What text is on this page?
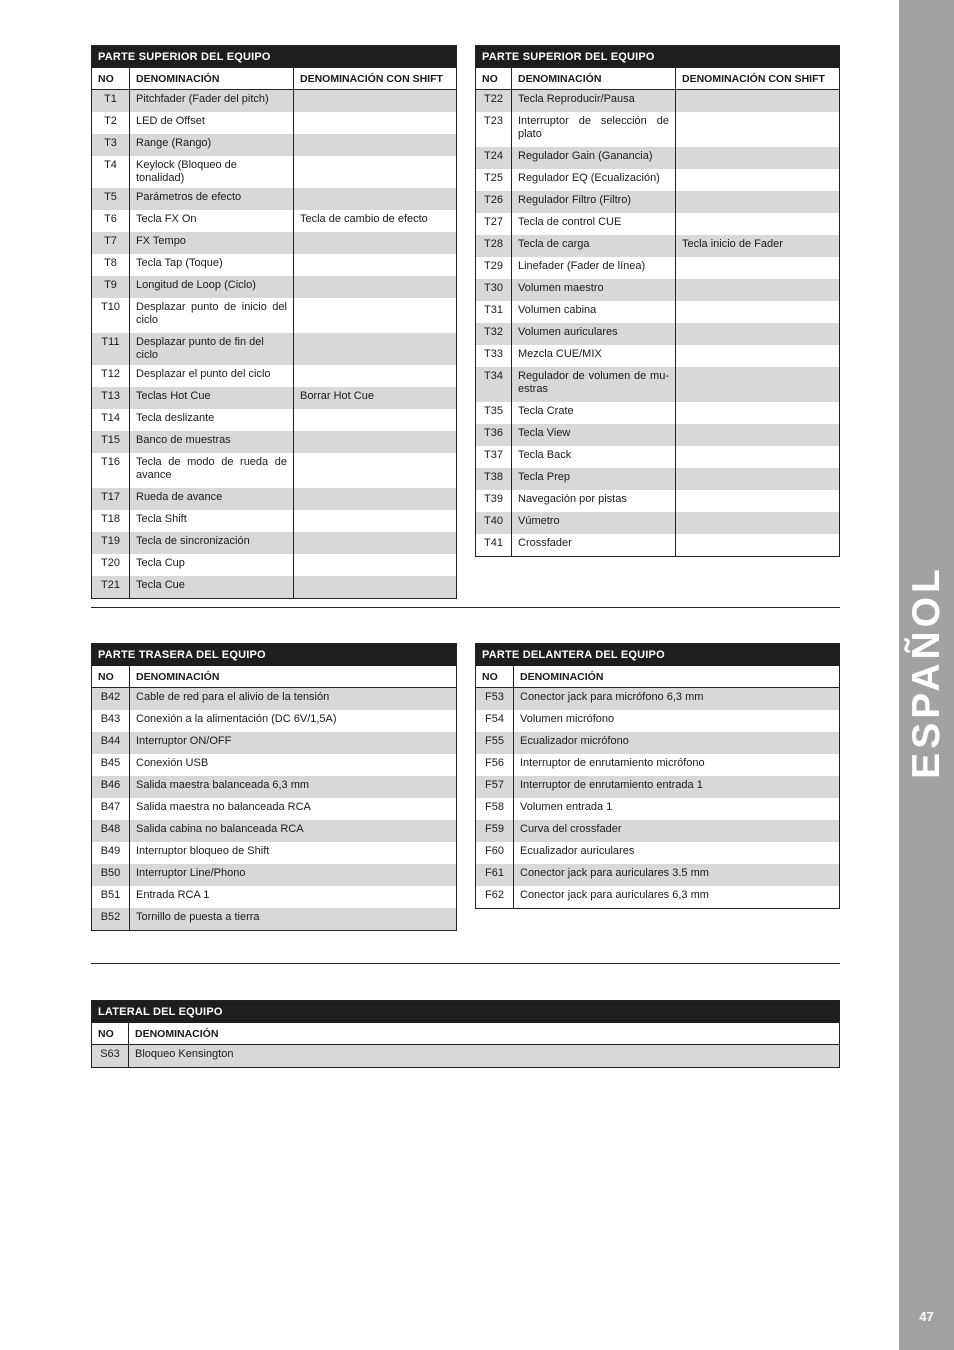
ESPAÑOL
47
PARTE SUPERIOR DEL EQUIPO		
NO	DENOMINACIÓN	DENOMINACIÓN CON SHIFT
T1	Pitchfader (Fader del pitch)	
T2	LED de Offset	
T3	Range (Rango)	
T4	Keylock (Bloqueo de tonalidad)	
T5	Parámetros de efecto	
T6	Tecla FX On	Tecla de cambio de efecto
T7	FX Tempo	
T8	Tecla Tap (Toque)	
T9	Longitud de Loop (Ciclo)	
T10	Desplazar punto de inicio del ciclo	
T11	Desplazar punto de fin del ciclo	
T12	Desplazar el punto del ciclo	
T13	Teclas Hot Cue	Borrar Hot Cue
T14	Tecla deslizante	
T15	Banco de muestras	
T16	Tecla de modo de rueda de avance	
T17	Rueda de avance	
T18	Tecla Shift	
T19	Tecla de sincronización	
T20	Tecla Cup	
T21	Tecla Cue	
PARTE SUPERIOR DEL EQUIPO		
NO	DENOMINACIÓN	DENOMINACIÓN CON SHIFT
T22	Tecla Reproducir/Pausa	
T23	Interruptor de selección de plato	
T24	Regulador Gain (Ganancia)	
T25	Regulador EQ (Ecualización)	
T26	Regulador Filtro (Filtro)	
T27	Tecla de control CUE	
T28	Tecla de carga	Tecla inicio de Fader
T29	Linefader (Fader de línea)	
T30	Volumen maestro	
T31	Volumen cabina	
T32	Volumen auriculares	
T33	Mezcla CUE/MIX	
T34	Regulador de volumen de mu-estras	
T35	Tecla Crate	
T36	Tecla View	
T37	Tecla Back	
T38	Tecla Prep	
T39	Navegación por pistas	
T40	Vúmetro	
T41	Crossfader	
PARTE TRASERA DEL EQUIPO	
NO	DENOMINACIÓN
B42	Cable de red para el alivio de la tensión
B43	Conexión a la alimentación (DC 6V/1,5A)
B44	Interruptor ON/OFF
B45	Conexión USB
B46	Salida maestra balanceada 6,3 mm
B47	Salida maestra no balanceada RCA
B48	Salida cabina no balanceada RCA
B49	Interruptor bloqueo de Shift
B50	Interruptor Line/Phono
B51	Entrada RCA 1
B52	Tornillo de puesta a tierra
PARTE DELANTERA DEL EQUIPO	
NO	DENOMINACIÓN
F53	Conector jack para micrófono 6,3 mm
F54	Volumen micrófono
F55	Ecualizador micrófono
F56	Interruptor de enrutamiento micrófono
F57	Interruptor de enrutamiento entrada 1
F58	Volumen entrada 1
F59	Curva del crossfader
F60	Ecualizador auriculares
F61	Conector jack para auriculares 3.5 mm
F62	Conector jack para auriculares 6,3 mm
LATERAL DEL EQUIPO	
NO	DENOMINACIÓN
S63	Bloqueo Kensington
